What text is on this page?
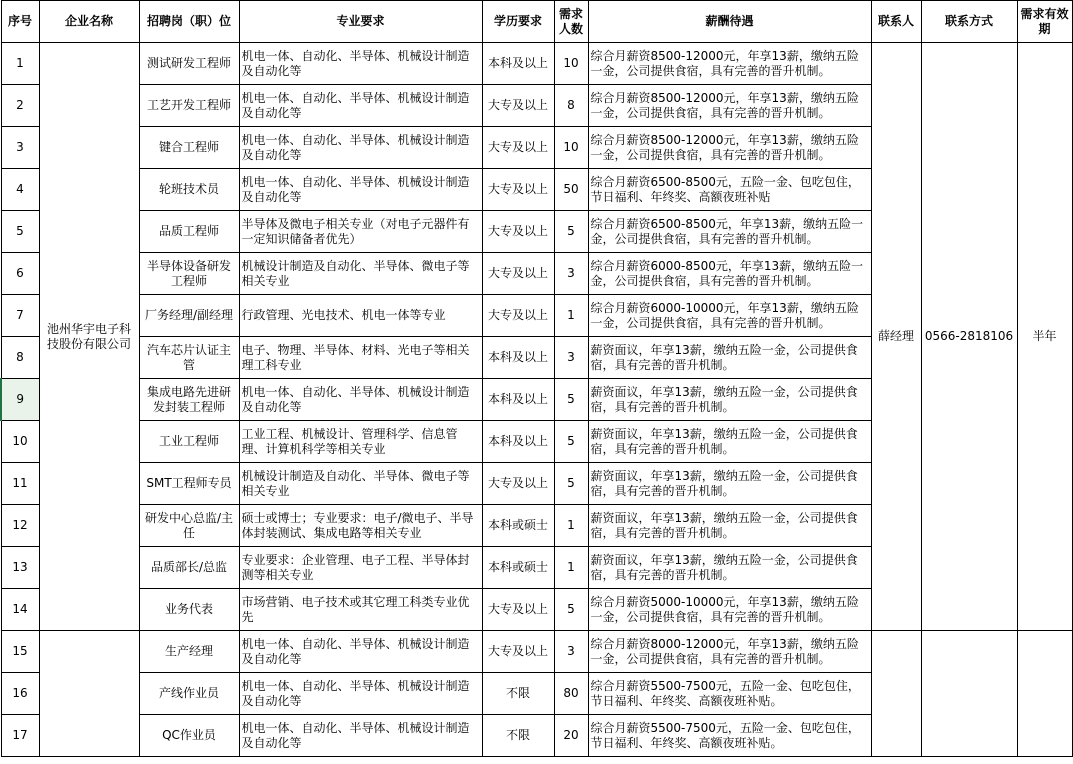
序号	企业名称	招聘岗（职）位	专业要求	学历要求	需求人数	薪酬待遇	联系人	联系方式	需求有效期
1	池州华宇电子科技股份有限公司	测试研发工程师	机电一体、自动化、半导体、机械设计制造及自动化等	本科及以上	10	综合月薪资8500-12000元，年享13薪，缴纳五险一金，公司提供食宿，具有完善的晋升机制。	薛经理	0566-2818106	半年
2		工艺开发工程师	机电一体、自动化、半导体、机械设计制造及自动化等	大专及以上	8	综合月薪资8500-12000元，年享13薪，缴纳五险一金，公司提供食宿，具有完善的晋升机制。			
3		键合工程师	机电一体、自动化、半导体、机械设计制造及自动化等	大专及以上	10	综合月薪资8500-12000元，年享13薪，缴纳五险一金，公司提供食宿，具有完善的晋升机制。			
4		轮班技术员	机电一体、自动化、半导体、机械设计制造及自动化等	大专及以上	50	综合月薪资6500-8500元，五险一金、包吃包住，节日福利、年终奖、高额夜班补贴			
5		品质工程师	半导体及微电子相关专业（对电子元器件有一定知识储备者优先）	大专及以上	5	综合月薪资6500-8500元，年享13薪，缴纳五险一金，公司提供食宿，具有完善的晋升机制。			
6		半导体设备研发工程师	机械设计制造及自动化、半导体、微电子等相关专业	大专及以上	3	综合月薪资6000-8500元，年享13薪，缴纳五险一金，公司提供食宿，具有完善的晋升机制。			
7		厂务经理/副经理	行政管理、光电技术、机电一体等专业	大专及以上	1	综合月薪资6000-10000元，年享13薪，缴纳五险一金，公司提供食宿，具有完善的晋升机制。			
8		汽车芯片认证主管	电子、物理、半导体、材料、光电子等相关理工科专业	本科及以上	3	薪资面议，年享13薪，缴纳五险一金，公司提供食宿，具有完善的晋升机制。			
9		集成电路先进研发封装工程师	机电一体、自动化、半导体、机械设计制造及自动化等	本科及以上	5	薪资面议，年享13薪，缴纳五险一金，公司提供食宿，具有完善的晋升机制。			
10		工业工程师	工业工程、机械设计、管理科学、信息管理、计算机科学等相关专业	本科及以上	5	薪资面议，年享13薪，缴纳五险一金，公司提供食宿，具有完善的晋升机制。			
11		SMT工程师专员	机械设计制造及自动化、半导体、微电子等相关专业	大专及以上	5	薪资面议，年享13薪，缴纳五险一金，公司提供食宿，具有完善的晋升机制。			
12		研发中心总监/主任	硕士或博士；专业要求：电子/微电子、半导体封装测试、集成电路等相关专业	本科或硕士	1	薪资面议，年享13薪，缴纳五险一金，公司提供食宿，具有完善的晋升机制。			
13		品质部长/总监	专业要求：企业管理、电子工程、半导体封测等相关专业	本科或硕士	1	薪资面议，年享13薪，缴纳五险一金，公司提供食宿，具有完善的晋升机制。			
14		业务代表	市场营销、电子技术或其它理工科类专业优先	大专及以上	5	综合月薪资5000-10000元，年享13薪，缴纳五险一金，公司提供食宿，具有完善的晋升机制。			
15		生产经理	机电一体、自动化、半导体、机械设计制造及自动化等	大专及以上	3	综合月薪资8000-12000元，年享13薪，缴纳五险一金，公司提供食宿，具有完善的晋升机制。			
16		产线作业员	机电一体、自动化、半导体、机械设计制造及自动化等	不限	80	综合月薪资5500-7500元，五险一金、包吃包住，节日福利、年终奖、高额夜班补贴。			
17		QC作业员	机电一体、自动化、半导体、机械设计制造及自动化等	不限	20	综合月薪资5500-7500元，五险一金、包吃包住，节日福利、年终奖、高额夜班补贴。			
